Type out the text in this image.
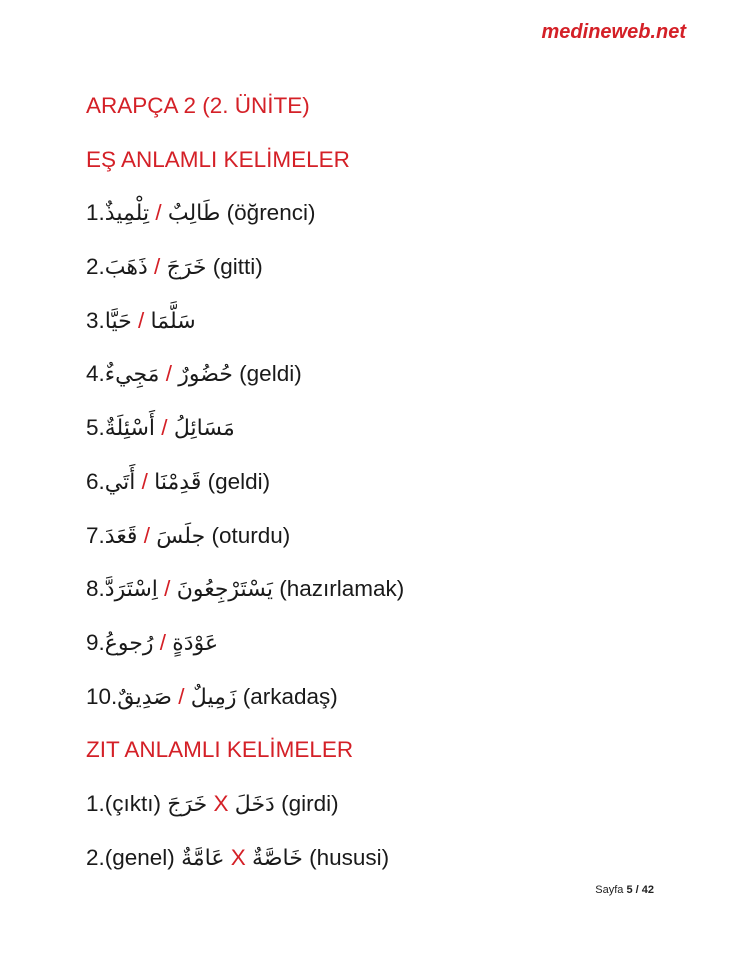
medineweb.net
ARAPÇA 2 (2. ÜNİTE)
EŞ ANLAMLI KELİMELER
1.تِلْمِيذٌ / طَالِبٌ (öğrenci)
2.ذَهَبَ / خَرَجَ (gitti)
3.حَيَّا / سَلَّمَا
4.مَجِيءٌ / حُضُورٌ (geldi)
5.أَسْئِلَةٌ / مَسَائِلُ
6.أَتَي / قَدِمْنَا (geldi)
7.قَعَدَ / جلَسَ (oturdu)
8.اِسْتَرَدَّ / يَسْتَرْجِعُونَ (hazırlamak)
9.رُجوعُ / عَوْدَةٍ
10.صَدِيقٌ / زَمِيلٌ (arkadaş)
ZIT ANLAMLI KELİMELER
1.(çıktı) خَرَجَ X دَخَلَ (girdi)
2.(genel) عَامَّةٌ X خَاصَّةٌ (hususi)
Sayfa 5 / 42
